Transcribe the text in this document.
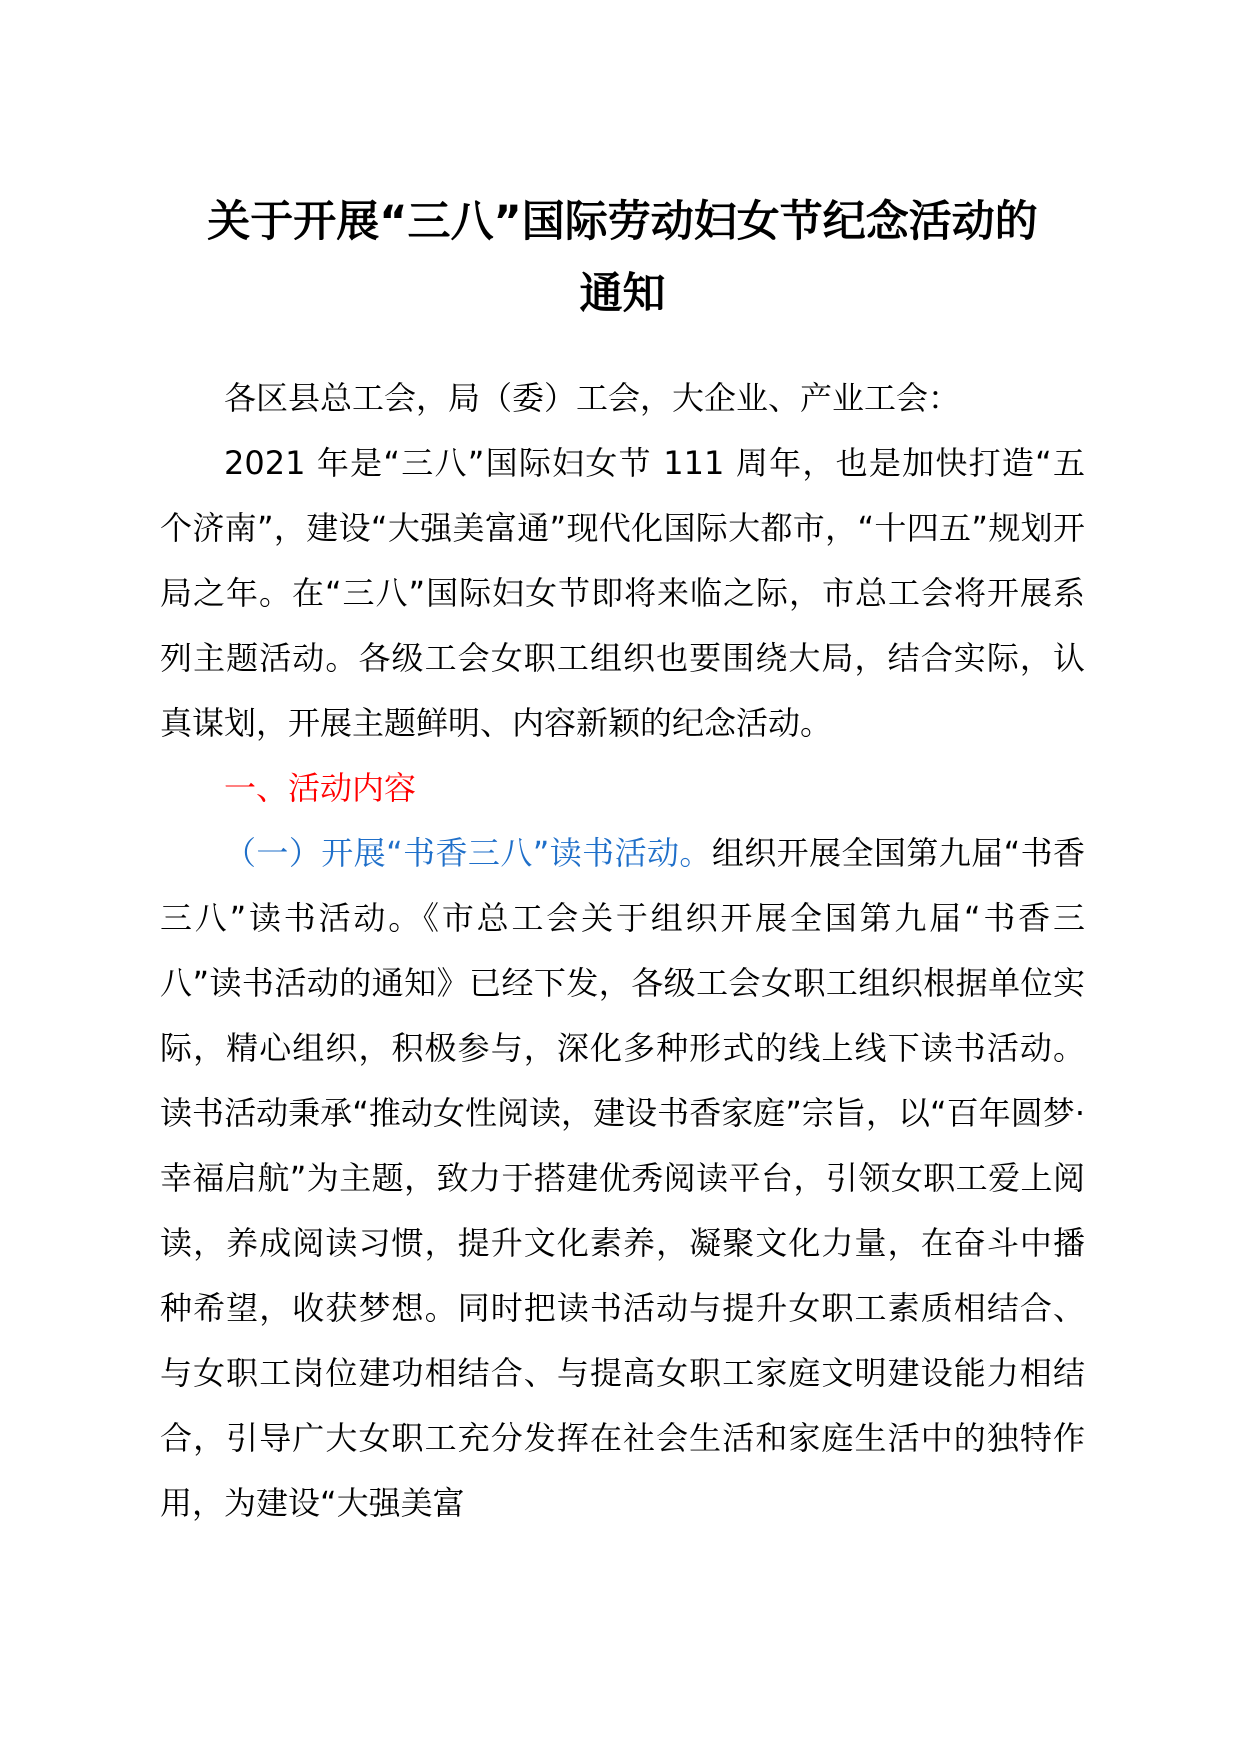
关于开展“三八”国际劳动妇女节纪念活动的
通知

各区县总工会，局（委）工会，大企业、产业工会：

2021 年是“三八”国际妇女节 111 周年，也是加快打造“五个济南”，建设“大强美富通”现代化国际大都市，“十四五”规划开局之年。在“三八”国际妇女节即将来临之际，市总工会将开展系列主题活动。各级工会女职工组织也要围绕大局，结合实际，认真谋划，开展主题鲜明、内容新颖的纪念活动。

一、活动内容

（一）开展“书香三八”读书活动。组织开展全国第九届“书香三八”读书活动。《市总工会关于组织开展全国第九届“书香三八”读书活动的通知》已经下发，各级工会女职工组织根据单位实际，精心组织，积极参与，深化多种形式的线上线下读书活动。读书活动秉承“推动女性阅读，建设书香家庭”宗旨，以“百年圆梦·幸福启航”为主题，致力于搭建优秀阅读平台，引领女职工爱上阅读，养成阅读习惯，提升文化素养，凝聚文化力量，在奋斗中播种希望，收获梦想。同时把读书活动与提升女职工素质相结合、与女职工岗位建功相结合、与提高女职工家庭文明建设能力相结合，引导广大女职工充分发挥在社会生活和家庭生活中的独特作用，为建设“大强美富
